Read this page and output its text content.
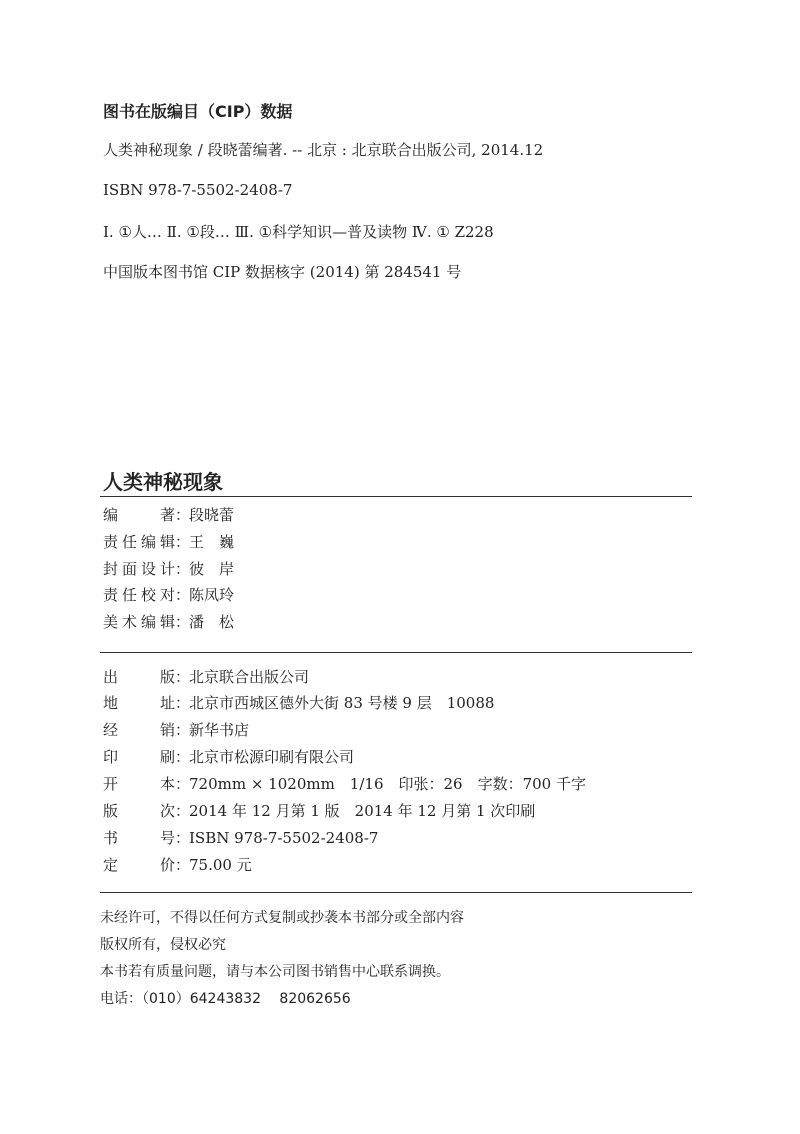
图书在版编目（CIP）数据
人类神秘现象 / 段晓蕾编著. -- 北京 : 北京联合出版公司, 2014.12
ISBN 978-7-5502-2408-7
Ⅰ. ①人… Ⅱ. ①段… Ⅲ. ①科学知识—普及读物 Ⅳ. ① Z228
中国版本图书馆 CIP 数据核字 (2014) 第 284541 号
人类神秘现象
编著：段晓蕾
责任编辑：王　巍
封面设计：彼　岸
责任校对：陈凤玲
美术编辑：潘　松
出版：北京联合出版公司
地址：北京市西城区德外大街 83 号楼 9 层　10088
经销：新华书店
印刷：北京市松源印刷有限公司
开本：720mm × 1020mm　1/16　印张：26　字数：700 千字
版次：2014 年 12 月第 1 版　2014 年 12 月第 1 次印刷
书号：ISBN 978-7-5502-2408-7
定价：75.00 元
未经许可，不得以任何方式复制或抄袭本书部分或全部内容
版权所有，侵权必究
本书若有质量问题，请与本公司图书销售中心联系调换。
电话：（010）64243832　 82062656
